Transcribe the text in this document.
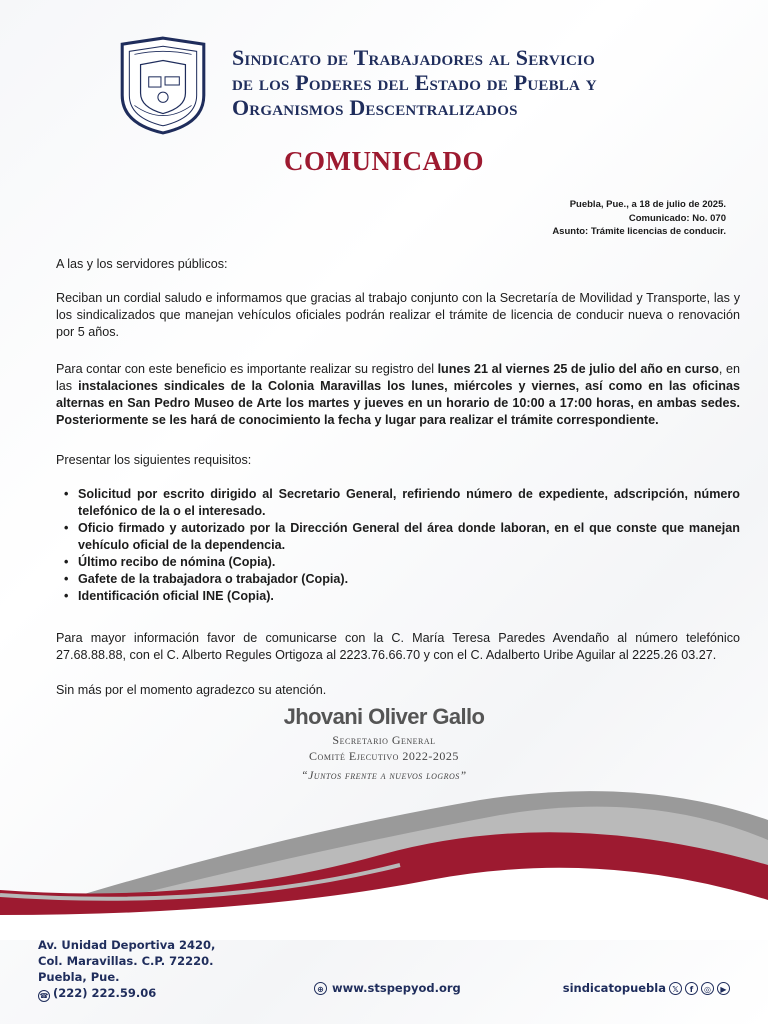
Sindicato de Trabajadores al Servicio
de los Poderes del Estado de Puebla y
Organismos Descentralizados
COMUNICADO
Puebla, Pue., a 18 de julio de 2025.
Comunicado: No. 070
Asunto: Trámite licencias de conducir.
A las y los servidores públicos:
Reciban un cordial saludo e informamos que gracias al trabajo conjunto con la Secretaría de Movilidad y Transporte, las y los sindicalizados que manejan vehículos oficiales podrán realizar el trámite de licencia de conducir nueva o renovación por 5 años.
Para contar con este beneficio es importante realizar su registro del lunes 21 al viernes 25 de julio del año en curso, en las instalaciones sindicales de la Colonia Maravillas los lunes, miércoles y viernes, así como en las oficinas alternas en San Pedro Museo de Arte los martes y jueves en un horario de 10:00 a 17:00 horas, en ambas sedes. Posteriormente se les hará de conocimiento la fecha y lugar para realizar el trámite correspondiente.
Presentar los siguientes requisitos:
• Solicitud por escrito dirigido al Secretario General, refiriendo número de expediente, adscripción, número telefónico de la o el interesado.
• Oficio firmado y autorizado por la Dirección General del área donde laboran, en el que conste que manejan vehículo oficial de la dependencia.
• Último recibo de nómina (Copia).
• Gafete de la trabajadora o trabajador (Copia).
• Identificación oficial INE (Copia).
Para mayor información favor de comunicarse con la C. María Teresa Paredes Avendaño al número telefónico 27.68.88.88, con el C. Alberto Regules Ortigoza al 2223.76.66.70 y con el C. Adalberto Uribe Aguilar al 2225.26 03.27.
Sin más por el momento agradezco su atención.
Jhovani Oliver Gallo
Secretario General
Comité Ejecutivo 2022-2025
“Juntos frente a nuevos logros”
Av. Unidad Deportiva 2420,
Col. Maravillas. C.P. 72220.
Puebla, Pue.
☎ (222) 222.59.06	⊕ www.stspepyod.org	sindicatopuebla 𝕏	f	◎	▶
